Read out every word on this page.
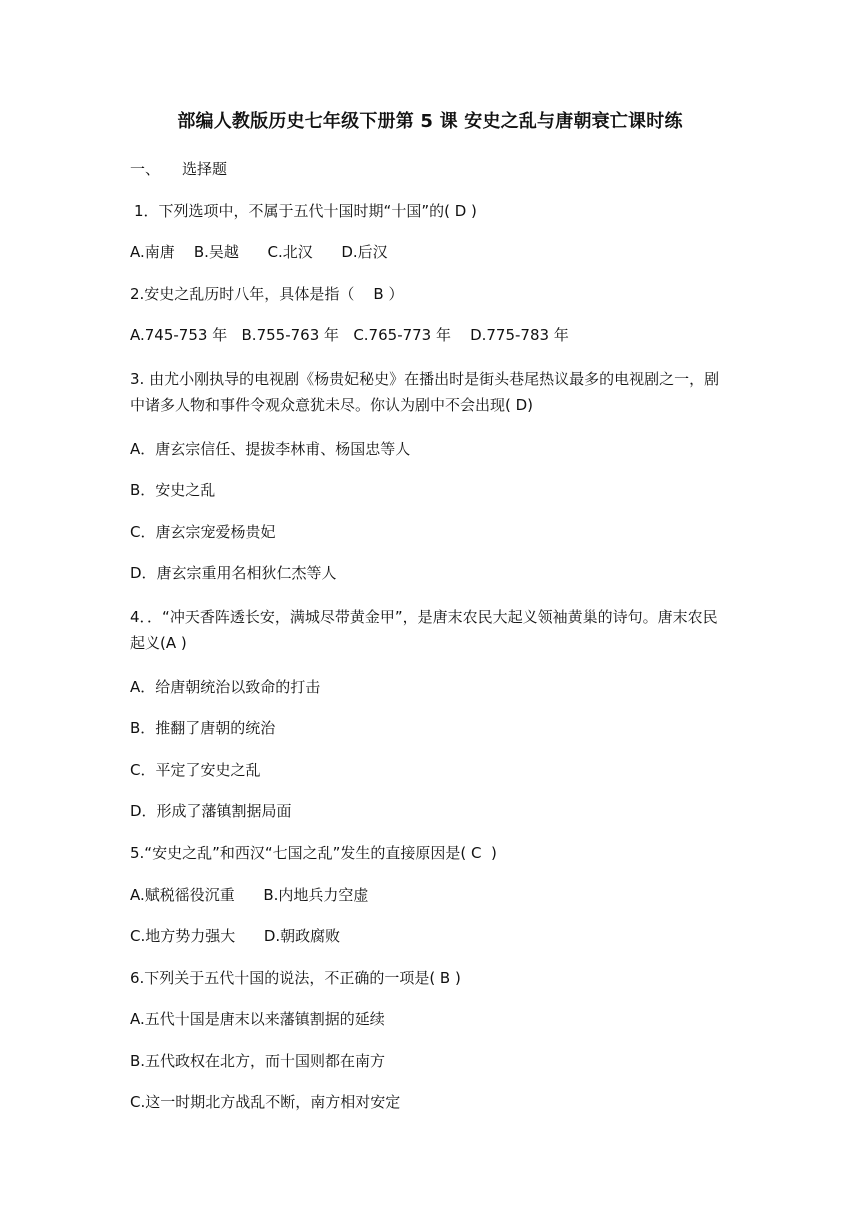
部编人教版历史七年级下册第 5 课 安史之乱与唐朝衰亡课时练
一、 选择题
1．下列选项中，不属于五代十国时期“十国”的( D )
A.南唐    B.吴越      C.北汉      D.后汉
2.安史之乱历时八年，具体是指（    B ）
A.745-753 年   B.755-763 年   C.765-773 年    D.775-783 年
3. 由尤小刚执导的电视剧《杨贵妃秘史》在播出时是街头巷尾热议最多的电视剧之一，剧中诸多人物和事件令观众意犹未尽。你认为剧中不会出现( D)
A．唐玄宗信任、提拔李林甫、杨国忠等人
B．安史之乱
C．唐玄宗宠爱杨贵妃
D．唐玄宗重用名相狄仁杰等人
4．．“冲天香阵透长安，满城尽带黄金甲”，是唐末农民大起义领袖黄巢的诗句。唐末农民起义(A )
A．给唐朝统治以致命的打击
B．推翻了唐朝的统治
C．平定了安史之乱
D．形成了藩镇割据局面
5.“安史之乱”和西汉“七国之乱”发生的直接原因是( C  )
A.赋税徭役沉重      B.内地兵力空虚
C.地方势力强大      D.朝政腐败
6.下列关于五代十国的说法，不正确的一项是( B )
A.五代十国是唐末以来藩镇割据的延续
B.五代政权在北方，而十国则都在南方
C.这一时期北方战乱不断，南方相对安定
